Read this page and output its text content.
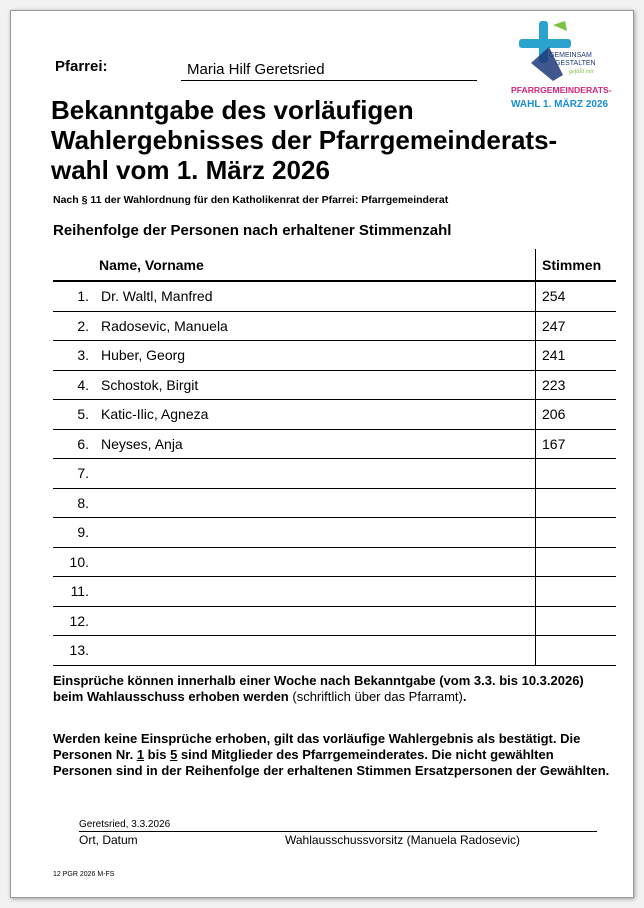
Pfarrei:	Maria Hilf Geretsried
Bekanntgabe des vorläufigen
Wahlergebnisses der Pfarrgemeinderats-
wahl vom 1. März 2026
Nach § 11 der Wahlordnung für den Katholikenrat der Pfarrei: Pfarrgemeinderat
Reihenfolge der Personen nach erhaltener Stimmenzahl
GEMEINSAM
GESTALTEN
gefällt mir
PFARRGEMEINDERATS-
WAHL 1. MÄRZ 2026
	Name, Vorname	Stimmen
1.	Dr. Waltl, Manfred	254
2.	Radosevic, Manuela	247
3.	Huber, Georg	241
4.	Schostok, Birgit	223
5.	Katic-Ilic, Agneza	206
6.	Neyses, Anja	167
7.		
8.		
9.		
10.		
11.		
12.		
13.		
Einsprüche können innerhalb einer Woche nach Bekanntgabe (vom 3.3. bis 10.3.2026) beim Wahlausschuss erhoben werden (schriftlich über das Pfarramt).
Werden keine Einsprüche erhoben, gilt das vorläufige Wahlergebnis als bestätigt. Die Personen Nr. 1 bis 5 sind Mitglieder des Pfarrgemeinderates. Die nicht gewählten Personen sind in der Reihenfolge der erhaltenen Stimmen Ersatzpersonen der Gewählten.
Geretsried, 3.3.2026
Ort, Datum	Wahlausschussvorsitz (Manuela Radosevic)
12 PGR 2026 M-FS
